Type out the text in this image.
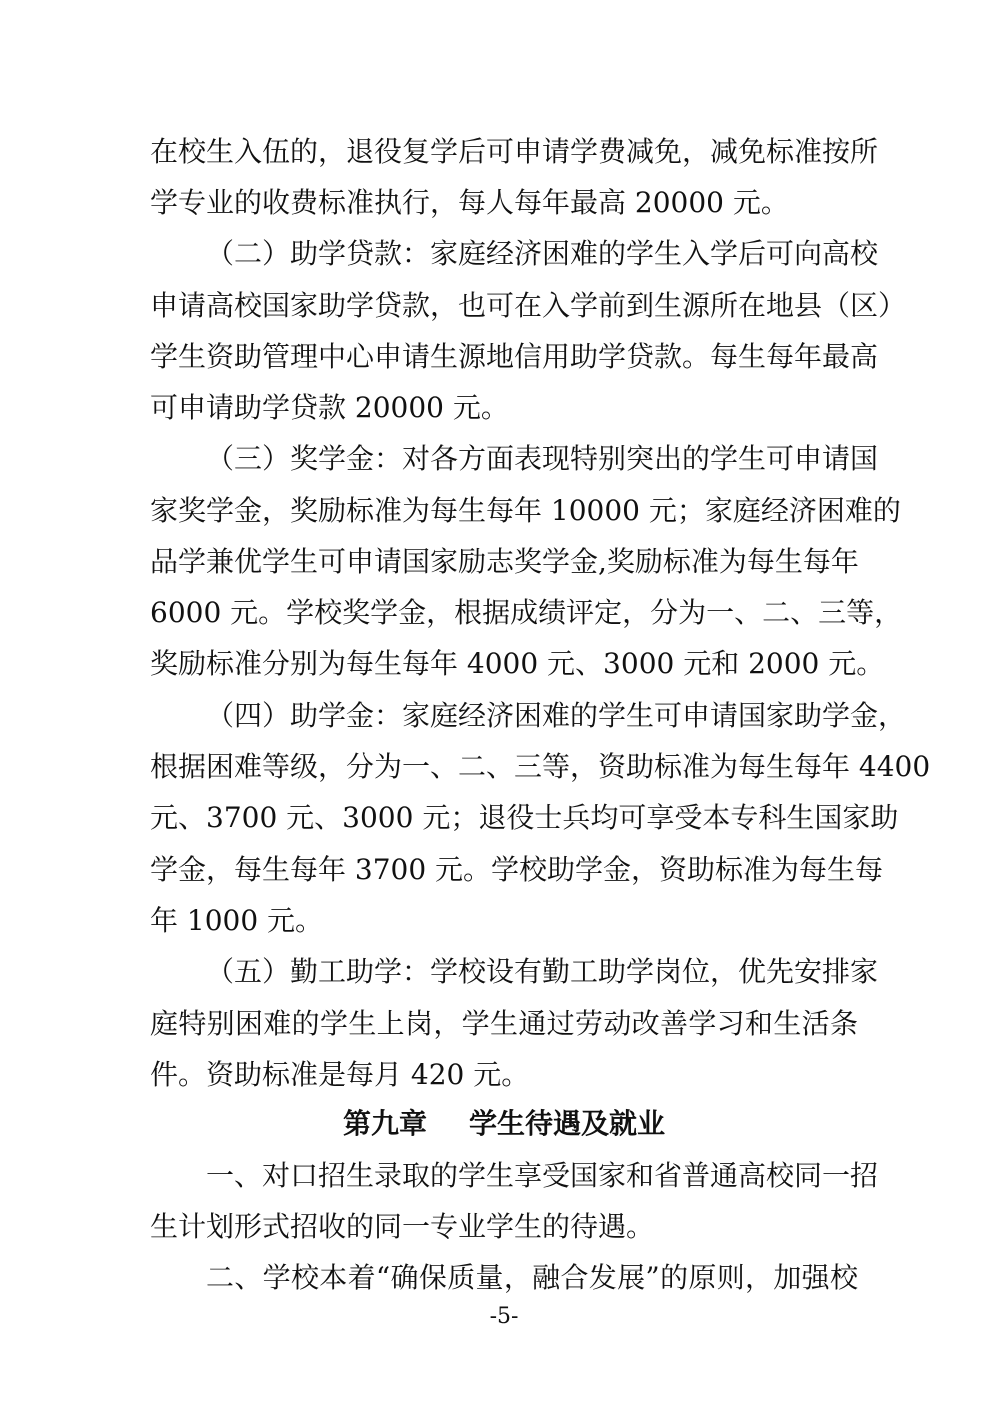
在校生入伍的，退役复学后可申请学费减免，减免标准按所
学专业的收费标准执行，每人每年最高 20000 元。
（二）助学贷款：家庭经济困难的学生入学后可向高校
申请高校国家助学贷款，也可在入学前到生源所在地县（区）
学生资助管理中心申请生源地信用助学贷款。每生每年最高
可申请助学贷款 20000 元。
（三）奖学金：对各方面表现特别突出的学生可申请国
家奖学金，奖励标准为每生每年 10000 元；家庭经济困难的
品学兼优学生可申请国家励志奖学金,奖励标准为每生每年
6000 元。学校奖学金，根据成绩评定，分为一、二、三等，
奖励标准分别为每生每年 4000 元、3000 元和 2000 元。
（四）助学金：家庭经济困难的学生可申请国家助学金，
根据困难等级，分为一、二、三等，资助标准为每生每年 4400
元、3700 元、3000 元；退役士兵均可享受本专科生国家助
学金，每生每年 3700 元。学校助学金，资助标准为每生每
年 1000 元。
（五）勤工助学：学校设有勤工助学岗位，优先安排家
庭特别困难的学生上岗，学生通过劳动改善学习和生活条
件。资助标准是每月 420 元。
第九章 学生待遇及就业
一、对口招生录取的学生享受国家和省普通高校同一招
生计划形式招收的同一专业学生的待遇。
二、学校本着“确保质量，融合发展”的原则，加强校
-5-
